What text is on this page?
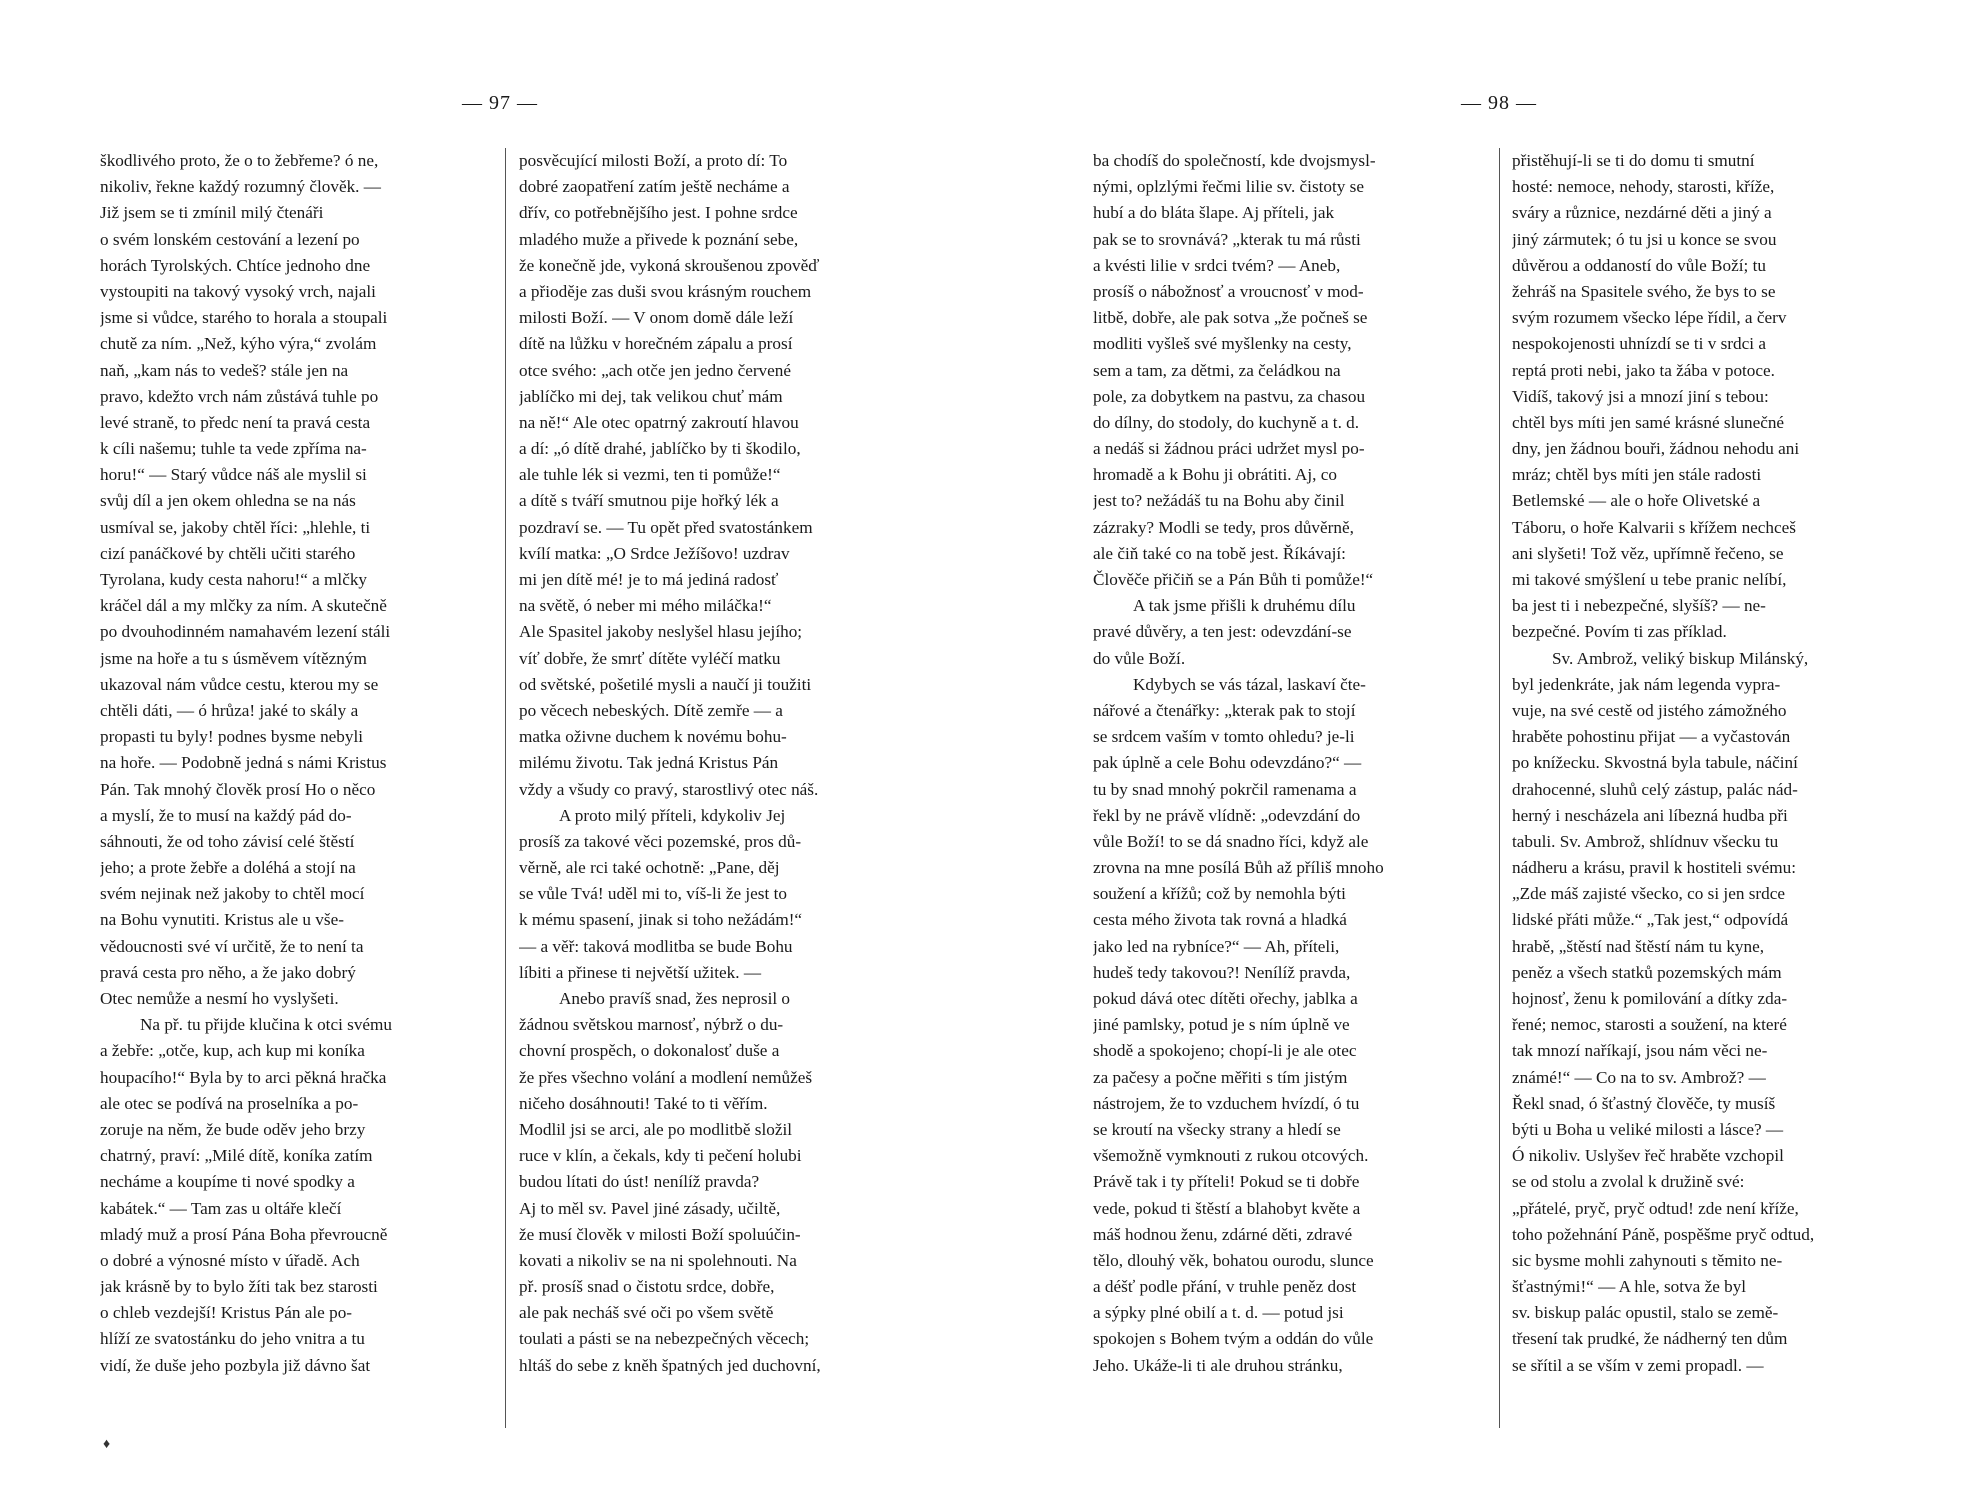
— 97 —
škodlivého proto, že o to žebřeme? ó ne,
nikoliv, řekne každý rozumný člověk. —
Již jsem se ti zmínil milý čtenáři
o svém lonském cestování a lezení po
horách Tyrolských. Chtíce jednoho dne
vystoupiti na takový vysoký vrch, najali
jsme si vůdce, starého to horala a stoupali
chutě za ním. „Než, kýho výra,“ zvolám
naň, „kam nás to vedeš? stále jen na
pravo, kdežto vrch nám zůstává tuhle po
levé straně, to předc není ta pravá cesta
k cíli našemu; tuhle ta vede zpříma na-
horu!“ — Starý vůdce náš ale myslil si
svůj díl a jen okem ohledna se na nás
usmíval se, jakoby chtěl říci: „hlehle, ti
cizí panáčkové by chtěli učiti starého
Tyrolana, kudy cesta nahoru!“ a mlčky
kráčel dál a my mlčky za ním. A skutečně
po dvouhodinném namahavém lezení stáli
jsme na hoře a tu s úsměvem vítězným
ukazoval nám vůdce cestu, kterou my se
chtěli dáti, — ó hrůza! jaké to skály a
propasti tu byly! podnes bysme nebyli
na hoře. — Podobně jedná s námi Kristus
Pán. Tak mnohý člověk prosí Ho o něco
a myslí, že to musí na každý pád do-
sáhnouti, že od toho závisí celé štěstí
jeho; a prote žebře a doléhá a stojí na
svém nejinak než jakoby to chtěl mocí
na Bohu vynutiti. Kristus ale u vše-
vědoucnosti své ví určitě, že to není ta
pravá cesta pro něho, a že jako dobrý
Otec nemůže a nesmí ho vyslyšeti.
Na př. tu přijde klučina k otci svému
a žebře: „otče, kup, ach kup mi koníka
houpacího!“ Byla by to arci pěkná hračka
ale otec se podívá na proselníka a po-
zoruje na něm, že bude oděv jeho brzy
chatrný, praví: „Milé dítě, koníka zatím
necháme a koupíme ti nové spodky a
kabátek.“ — Tam zas u oltáře klečí
mladý muž a prosí Pána Boha převroucně
o dobré a výnosné místo v úřadě. Ach
jak krásně by to bylo žíti tak bez starosti
o chleb vezdejší! Kristus Pán ale po-
hlíží ze svatostánku do jeho vnitra a tu
vidí, že duše jeho pozbyla již dávno šat
posvěcující milosti Boží, a proto dí: To
dobré zaopatření zatím ještě necháme a
dřív, co potřebnějšího jest. I pohne srdce
mladého muže a přivede k poznání sebe,
že konečně jde, vykoná skroušenou zpověď
a přioděje zas duši svou krásným rouchem
milosti Boží. — V onom domě dále leží
dítě na lůžku v horečném zápalu a prosí
otce svého: „ach otče jen jedno červené
jablíčko mi dej, tak velikou chuť mám
na ně!“ Ale otec opatrný zakroutí hlavou
a dí: „ó dítě drahé, jablíčko by ti škodilo,
ale tuhle lék si vezmi, ten ti pomůže!“
a dítě s tváří smutnou pije hořký lék a
pozdraví se. — Tu opět před svatostánkem
kvílí matka: „O Srdce Ježíšovo! uzdrav
mi jen dítě mé! je to má jediná radosť
na světě, ó neber mi mého miláčka!“
Ale Spasitel jakoby neslyšel hlasu jejího;
víť dobře, že smrť dítěte vyléčí matku
od světské, pošetilé mysli a naučí ji toužiti
po věcech nebeských. Dítě zemře — a
matka oživne duchem k novému bohu-
milému životu. Tak jedná Kristus Pán
vždy a všudy co pravý, starostlivý otec náš.
A proto milý příteli, kdykoliv Jej
prosíš za takové věci pozemské, pros dů-
věrně, ale rci také ochotně: „Pane, děj
se vůle Tvá! uděl mi to, víš-li že jest to
k mému spasení, jinak si toho nežádám!“
— a věř: taková modlitba se bude Bohu
líbiti a přinese ti největší užitek. —
Anebo pravíš snad, žes neprosil o
žádnou světskou marnosť, nýbrž o du-
chovní prospěch, o dokonalosť duše a
že přes všechno volání a modlení nemůžeš
ničeho dosáhnouti! Také to ti věřím.
Modlil jsi se arci, ale po modlitbě složil
ruce v klín, a čekals, kdy ti pečení holubi
budou lítati do úst! nenílíž pravda?
Aj to měl sv. Pavel jiné zásady, učiltě,
že musí člověk v milosti Boží spoluúčin-
kovati a nikoliv se na ni spolehnouti. Na
př. prosíš snad o čistotu srdce, dobře,
ale pak necháš své oči po všem světě
toulati a pásti se na nebezpečných věcech;
hltáš do sebe z kněh špatných jed duchovní,
♦
— 98 —
ba chodíš do společností, kde dvojsmysl-
nými, oplzlými řečmi lilie sv. čistoty se
hubí a do bláta šlape. Aj příteli, jak
pak se to srovnává? „kterak tu má růsti
a kvésti lilie v srdci tvém? — Aneb,
prosíš o nábožnosť a vroucnosť v mod-
litbě, dobře, ale pak sotva „že počneš se
modliti vyšleš své myšlenky na cesty,
sem a tam, za dětmi, za čeládkou na
pole, za dobytkem na pastvu, za chasou
do dílny, do stodoly, do kuchyně a t. d.
a nedáš si žádnou práci udržet mysl po-
hromadě a k Bohu ji obrátiti. Aj, co
jest to? nežádáš tu na Bohu aby činil
zázraky? Modli se tedy, pros důvěrně,
ale čiň také co na tobě jest. Říkávají:
Člověče přičiň se a Pán Bůh ti pomůže!“
A tak jsme přišli k druhému dílu
pravé důvěry, a ten jest: odevzdání-se
do vůle Boží.
Kdybych se vás tázal, laskaví čte-
nářové a čtenářky: „kterak pak to stojí
se srdcem vaším v tomto ohledu? je-li
pak úplně a cele Bohu odevzdáno?“ —
tu by snad mnohý pokrčil ramenama a
řekl by ne právě vlídně: „odevzdání do
vůle Boží! to se dá snadno říci, když ale
zrovna na mne posílá Bůh až příliš mnoho
soužení a křížů; což by nemohla býti
cesta mého života tak rovná a hladká
jako led na rybníce?“ — Ah, příteli,
hudeš tedy takovou?! Nenílíž pravda,
pokud dává otec dítěti ořechy, jablka a
jiné pamlsky, potud je s ním úplně ve
shodě a spokojeno; chopí-li je ale otec
za pačesy a počne měřiti s tím jistým
nástrojem, že to vzduchem hvízdí, ó tu
se kroutí na všecky strany a hledí se
všemožně vymknouti z rukou otcových.
Právě tak i ty příteli! Pokud se ti dobře
vede, pokud ti štěstí a blahobyt květe a
máš hodnou ženu, zdárné děti, zdravé
tělo, dlouhý věk, bohatou ourodu, slunce
a déšť podle přání, v truhle peněz dost
a sýpky plné obilí a t. d. — potud jsi
spokojen s Bohem tvým a oddán do vůle
Jeho. Ukáže-li ti ale druhou stránku,
přistěhují-li se ti do domu ti smutní
hosté: nemoce, nehody, starosti, kříže,
sváry a různice, nezdárné děti a jiný a
jiný zármutek; ó tu jsi u konce se svou
důvěrou a oddaností do vůle Boží; tu
žehráš na Spasitele svého, že bys to se
svým rozumem všecko lépe řídil, a červ
nespokojenosti uhnízdí se ti v srdci a
reptá proti nebi, jako ta žába v potoce.
Vidíš, takový jsi a mnozí jiní s tebou:
chtěl bys míti jen samé krásné slunečné
dny, jen žádnou bouři, žádnou nehodu ani
mráz; chtěl bys míti jen stále radosti
Betlemské — ale o hoře Olivetské a
Táboru, o hoře Kalvarii s křížem nechceš
ani slyšeti! Tož věz, upřímně řečeno, se
mi takové smýšlení u tebe pranic nelíbí,
ba jest ti i nebezpečné, slyšíš? — ne-
bezpečné. Povím ti zas příklad.
Sv. Ambrož, veliký biskup Milánský,
byl jedenkráte, jak nám legenda vypra-
vuje, na své cestě od jistého zámožného
hraběte pohostinu přijat — a vyčastován
po knížecku. Skvostná byla tabule, náčiní
drahocenné, sluhů celý zástup, palác nád-
herný i nescházela ani líbezná hudba při
tabuli. Sv. Ambrož, shlídnuv všecku tu
nádheru a krásu, pravil k hostiteli svému:
„Zde máš zajisté všecko, co si jen srdce
lidské přáti může.“ „Tak jest,“ odpovídá
hrabě, „štěstí nad štěstí nám tu kyne,
peněz a všech statků pozemských mám
hojnosť, ženu k pomilování a dítky zda-
řené; nemoc, starosti a soužení, na které
tak mnozí naříkají, jsou nám věci ne-
známé!“ — Co na to sv. Ambrož? —
Řekl snad, ó šťastný člověče, ty musíš
býti u Boha u veliké milosti a lásce? —
Ó nikoliv. Uslyšev řeč hraběte vzchopil
se od stolu a zvolal k družině své:
„přátelé, pryč, pryč odtud! zde není kříže,
toho požehnání Páně, pospěšme pryč odtud,
sic bysme mohli zahynouti s těmito ne-
šťastnými!“ — A hle, sotva že byl
sv. biskup palác opustil, stalo se země-
třesení tak prudké, že nádherný ten dům
se sřítil a se vším v zemi propadl. —
